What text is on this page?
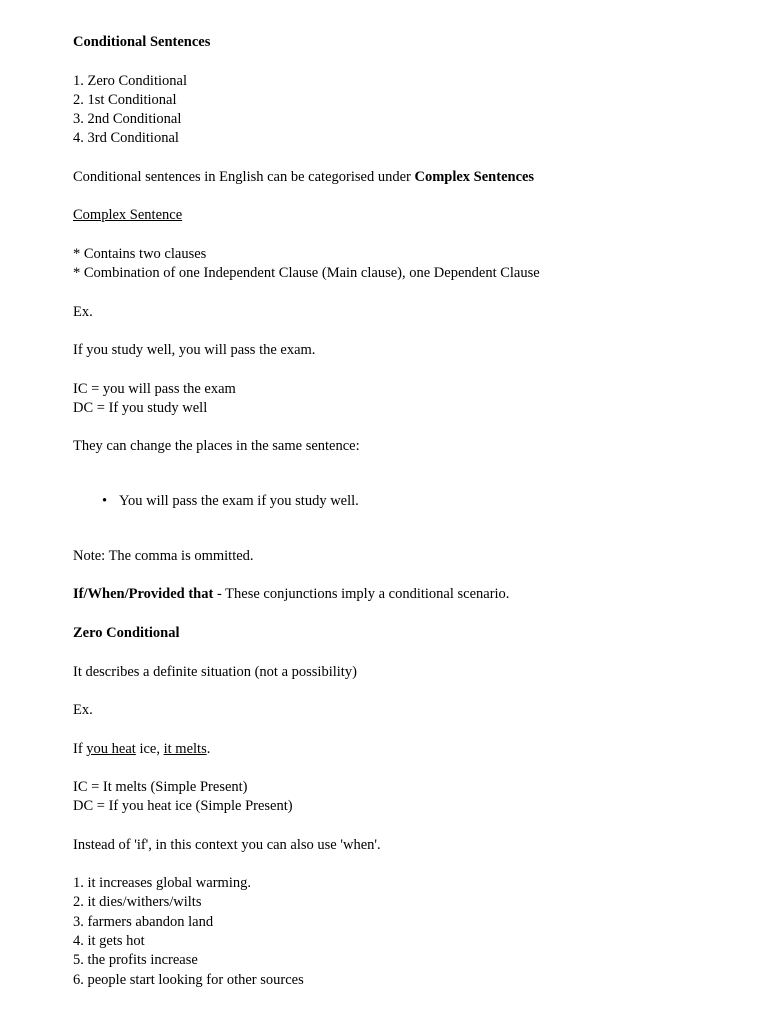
Conditional Sentences
1. Zero Conditional
2. 1st Conditional
3. 2nd Conditional
4. 3rd Conditional
Conditional sentences in English can be categorised under Complex Sentences
Complex Sentence
* Contains two clauses
* Combination of one Independent Clause (Main clause), one Dependent Clause
Ex.
If you study well, you will pass the exam.
IC = you will pass the exam
DC = If you study well
They can change the places in the same sentence:
• You will pass the exam if you study well.
Note: The comma is ommitted.
If/When/Provided that - These conjunctions imply a conditional scenario.
Zero Conditional
It describes a definite situation (not a possibility)
Ex.
If you heat ice, it melts.
IC = It melts (Simple Present)
DC = If you heat ice (Simple Present)
Instead of 'if', in this context you can also use 'when'.
1. it increases global warming.
2. it dies/withers/wilts
3. farmers abandon land
4. it gets hot
5. the profits increase
6. people start looking for other sources
